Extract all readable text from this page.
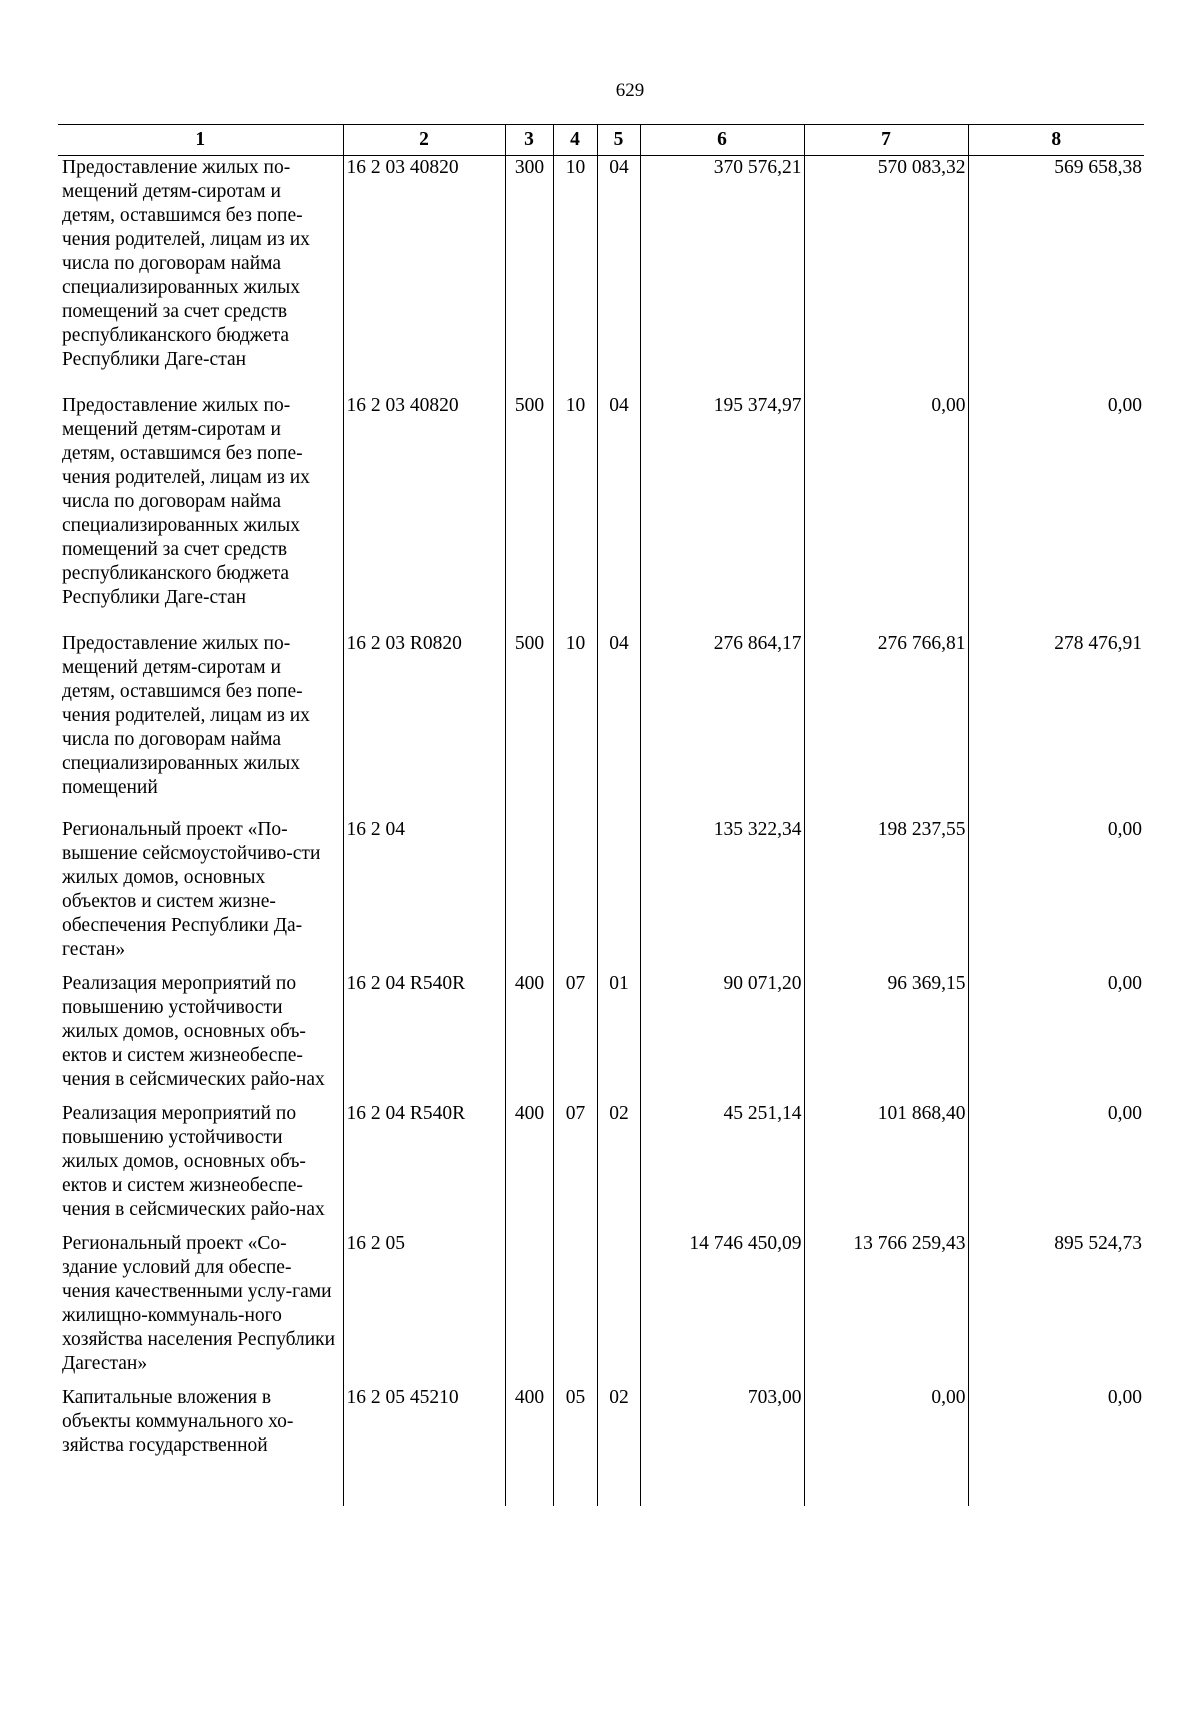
629
1	2	3	4	5	6	7	8
Предоставление жилых по-мещений детям-сиротам и детям, оставшимся без попе-чения родителей, лицам из их числа по договорам найма специализированных жилых помещений за счет средств республиканского бюджета Республики Даге-стан	16 2 03 40820	300	10	04	370 576,21	570 083,32	569 658,38
Предоставление жилых по-мещений детям-сиротам и детям, оставшимся без попе-чения родителей, лицам из их числа по договорам найма специализированных жилых помещений за счет средств республиканского бюджета Республики Даге-стан	16 2 03 40820	500	10	04	195 374,97	0,00	0,00
Предоставление жилых по-мещений детям-сиротам и детям, оставшимся без попе-чения родителей, лицам из их числа по договорам найма специализированных жилых помещений	16 2 03 R0820	500	10	04	276 864,17	276 766,81	278 476,91
Региональный проект «По-вышение сейсмоустойчиво-сти жилых домов, основных объектов и систем жизне-обеспечения Республики Да-гестан»	16 2 04				135 322,34	198 237,55	0,00
Реализация мероприятий по повышению устойчивости жилых домов, основных объ-ектов и систем жизнеобеспе-чения в сейсмических райо-нах	16 2 04 R540R	400	07	01	90 071,20	96 369,15	0,00
Реализация мероприятий по повышению устойчивости жилых домов, основных объ-ектов и систем жизнеобеспе-чения в сейсмических райо-нах	16 2 04 R540R	400	07	02	45 251,14	101 868,40	0,00
Региональный проект «Со-здание условий для обеспе-чения качественными услу-гами жилищно-коммуналь-ного хозяйства населения Республики Дагестан»	16 2 05				14 746 450,09	13 766 259,43	895 524,73
Капитальные вложения в объекты коммунального хо-зяйства государственной	16 2 05 45210	400	05	02	703,00	0,00	0,00
